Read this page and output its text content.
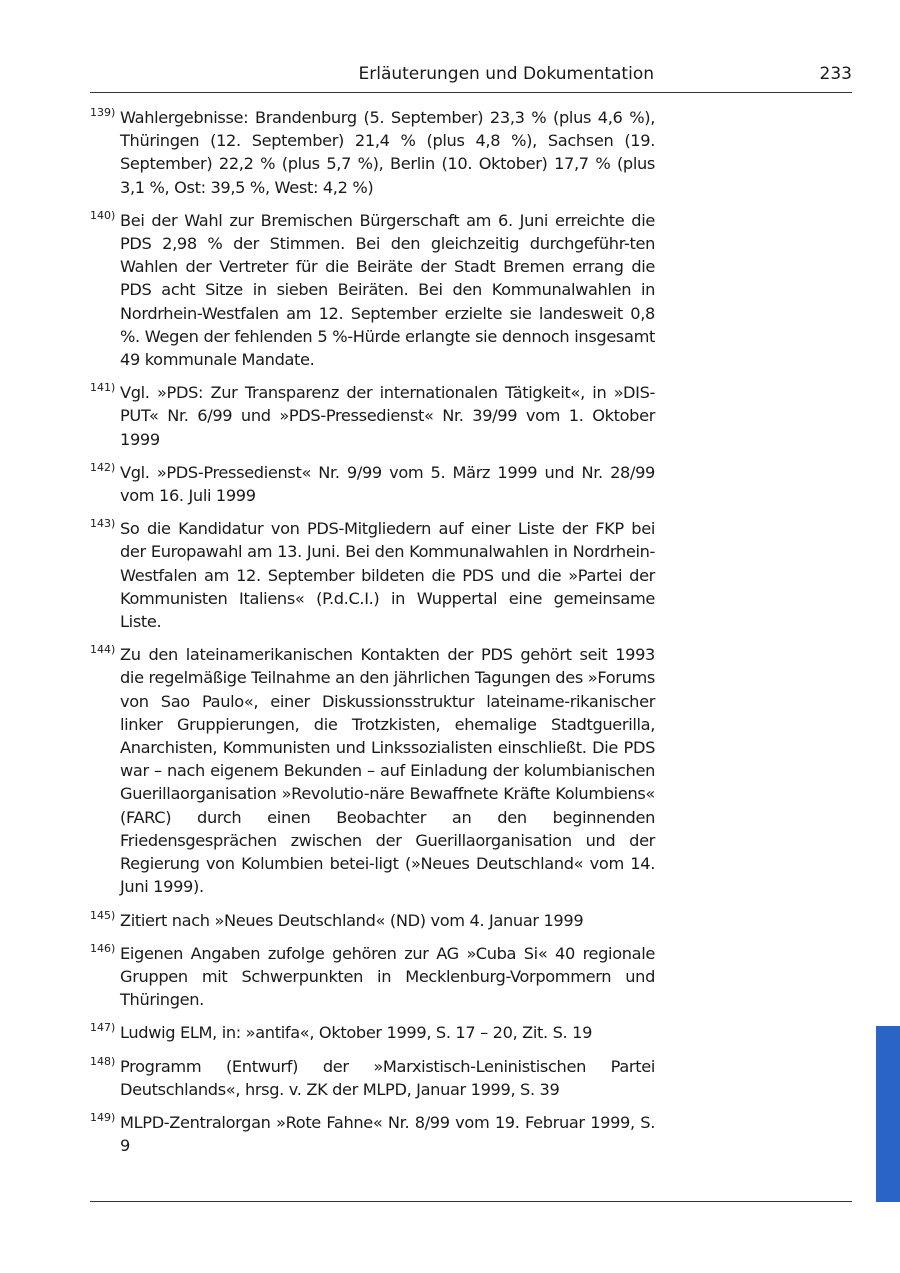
Erläuterungen und Dokumentation	233
139) Wahlergebnisse: Brandenburg (5. September) 23,3 % (plus 4,6 %), Thüringen (12. September) 21,4 % (plus 4,8 %), Sachsen (19. September) 22,2 % (plus 5,7 %), Berlin (10. Oktober) 17,7 % (plus 3,1 %, Ost: 39,5 %, West: 4,2 %)
140) Bei der Wahl zur Bremischen Bürgerschaft am 6. Juni erreichte die PDS 2,98 % der Stimmen. Bei den gleichzeitig durchgeführ-ten Wahlen der Vertreter für die Beiräte der Stadt Bremen errang die PDS acht Sitze in sieben Beiräten. Bei den Kommunalwahlen in Nordrhein-Westfalen am 12. September erzielte sie landesweit 0,8 %. Wegen der fehlenden 5 %-Hürde erlangte sie dennoch insgesamt 49 kommunale Mandate.
141) Vgl. »PDS: Zur Transparenz der internationalen Tätigkeit«, in »DIS-PUT« Nr. 6/99 und »PDS-Pressedienst« Nr. 39/99 vom 1. Oktober 1999
142) Vgl. »PDS-Pressedienst« Nr. 9/99 vom 5. März 1999 und Nr. 28/99 vom 16. Juli 1999
143) So die Kandidatur von PDS-Mitgliedern auf einer Liste der FKP bei der Europawahl am 13. Juni. Bei den Kommunalwahlen in Nordrhein-Westfalen am 12. September bildeten die PDS und die »Partei der Kommunisten Italiens« (P.d.C.I.) in Wuppertal eine gemeinsame Liste.
144) Zu den lateinamerikanischen Kontakten der PDS gehört seit 1993 die regelmäßige Teilnahme an den jährlichen Tagungen des »Forums von Sao Paulo«, einer Diskussionsstruktur lateiname-rikanischer linker Gruppierungen, die Trotzkisten, ehemalige Stadtguerilla, Anarchisten, Kommunisten und Linkssozialisten einschließt. Die PDS war – nach eigenem Bekunden – auf Einladung der kolumbianischen Guerillaorganisation »Revolutio-näre Bewaffnete Kräfte Kolumbiens« (FARC) durch einen Beobachter an den beginnenden Friedensgesprächen zwischen der Guerillaorganisation und der Regierung von Kolumbien betei-ligt (»Neues Deutschland« vom 14. Juni 1999).
145) Zitiert nach »Neues Deutschland« (ND) vom 4. Januar 1999
146) Eigenen Angaben zufolge gehören zur AG »Cuba Si« 40 regionale Gruppen mit Schwerpunkten in Mecklenburg-Vorpommern und Thüringen.
147) Ludwig ELM, in: »antifa«, Oktober 1999, S. 17 – 20, Zit. S. 19
148) Programm (Entwurf) der »Marxistisch-Leninistischen Partei Deutschlands«, hrsg. v. ZK der MLPD, Januar 1999, S. 39
149) MLPD-Zentralorgan »Rote Fahne« Nr. 8/99 vom 19. Februar 1999, S. 9
